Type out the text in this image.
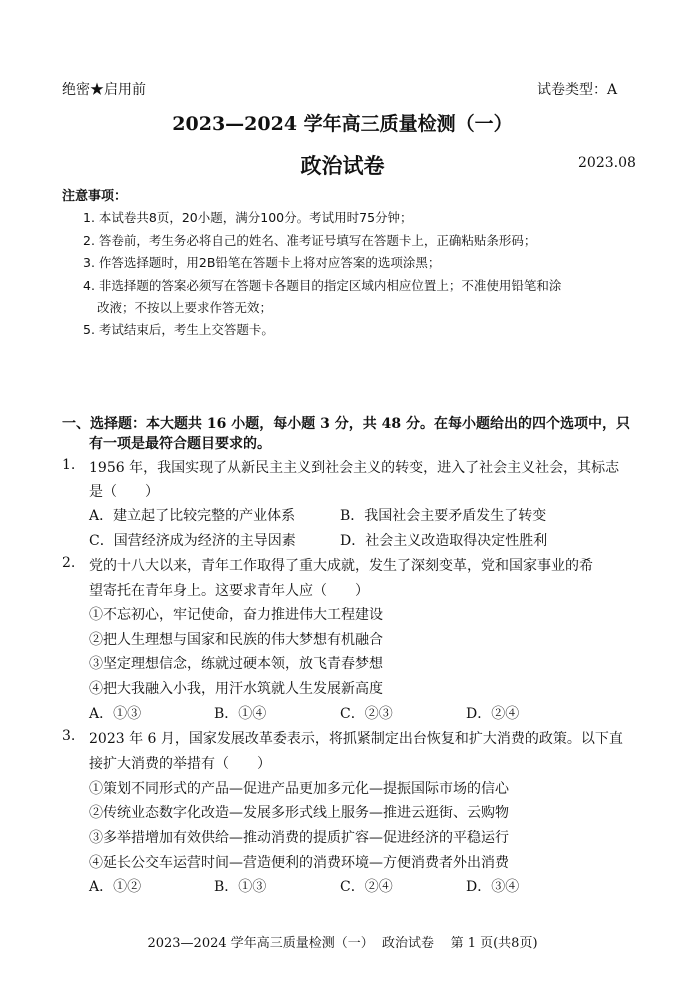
绝密★启用前	试卷类型：A
2023—2024 学年高三质量检测（一）
政治试卷	2023.08
注意事项：
1. 本试卷共8页，20小题，满分100分。考试用时75分钟；
2. 答卷前，考生务必将自己的姓名、准考证号填写在答题卡上，正确粘贴条形码；
3. 作答选择题时，用2B铅笔在答题卡上将对应答案的选项涂黑；
4. 非选择题的答案必须写在答题卡各题目的指定区域内相应位置上；不准使用铅笔和涂
改液；不按以上要求作答无效；
5. 考试结束后，考生上交答题卡。
一、选择题：本大题共 16 小题，每小题 3 分，共 48 分。在每小题给出的四个选项中，只
有一项是最符合题目要求的。
1. 1956 年，我国实现了从新民主主义到社会主义的转变，进入了社会主义社会，其标志
是（　　）
A．建立起了比较完整的产业体系	B．我国社会主要矛盾发生了转变
C．国营经济成为经济的主导因素	D．社会主义改造取得决定性胜利
2. 党的十八大以来，青年工作取得了重大成就，发生了深刻变革，党和国家事业的希
望寄托在青年身上。这要求青年人应（　　）
①不忘初心，牢记使命，奋力推进伟大工程建设
②把人生理想与国家和民族的伟大梦想有机融合
③坚定理想信念，练就过硬本领，放飞青春梦想
④把大我融入小我，用汗水筑就人生发展新高度
A．①③	B．①④	C．②③	D．②④
3. 2023 年 6 月，国家发展改革委表示，将抓紧制定出台恢复和扩大消费的政策。以下直
接扩大消费的举措有（　　）
①策划不同形式的产品—促进产品更加多元化—提振国际市场的信心
②传统业态数字化改造—发展多形式线上服务—推进云逛街、云购物
③多举措增加有效供给—推动消费的提质扩容—促进经济的平稳运行
④延长公交车运营时间—营造便利的消费环境—方便消费者外出消费
A．①②	B．①③	C．②④	D．③④
2023—2024 学年高三质量检测（一）  政治试卷    第 1 页(共8页)
